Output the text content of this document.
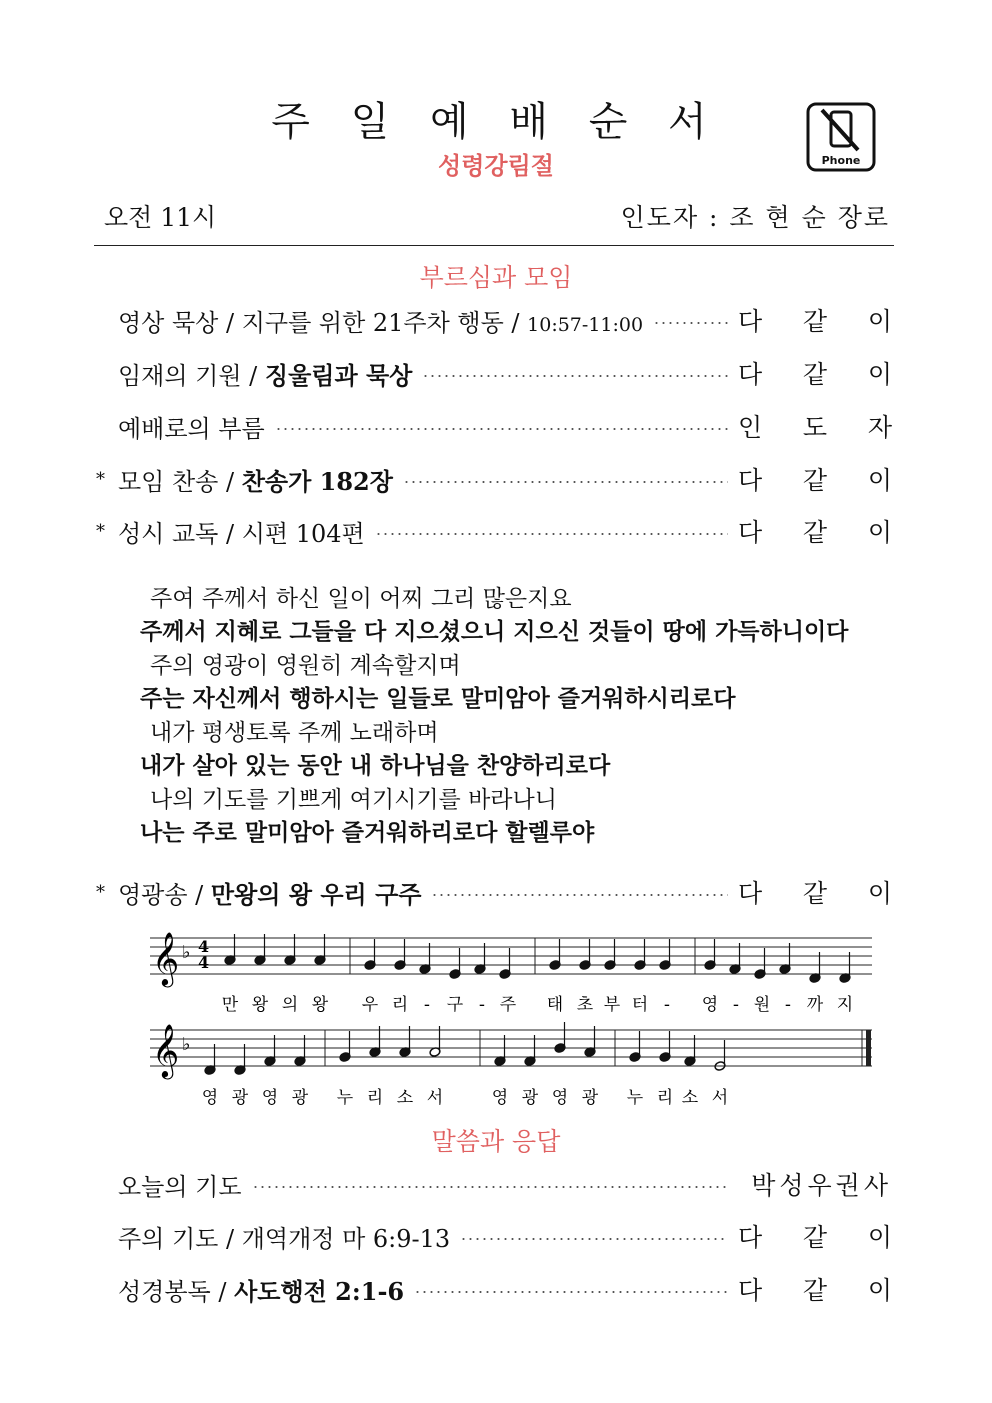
주 일 예 배 순 서
성령강림절	Phone
오전 11시	인도자 : 조 현 순 장로
부르심과 모임
영상 묵상 / 지구를 위한 21주차 행동 / 10:57-11:00	다 같 이
임재의 기원 / 징울림과 묵상	다 같 이
예배로의 부름	인 도 자
* 모임 찬송 / 찬송가 182장	다 같 이
* 성시 교독 / 시편 104편	다 같 이
주여 주께서 하신 일이 어찌 그리 많은지요
주께서 지혜로 그들을 다 지으셨으니 지으신 것들이 땅에 가득하니이다
주의 영광이 영원히 계속할지며
주는 자신께서 행하시는 일들로 말미암아 즐거워하시리로다
내가 평생토록 주께 노래하며
내가 살아 있는 동안 내 하나님을 찬양하리로다
나의 기도를 기쁘게 여기시기를 바라나니
나는 주로 말미암아 즐거워하리로다 할렐루야
* 영광송 / 만왕의 왕 우리 구주	다 같 이
𝄞 ♭
𝄞 ♭
4
4
만 왕 의 왕 우 리 - 구 - 주 태 초 부 터 - 영 - 원 - 까 지
영 광 영 광 누 리 소 서	영 광 영 광 누 리 소 서
말씀과 응답
오늘의 기도	박성우권사
주의 기도 / 개역개정 마 6:9-13	다 같 이
성경봉독 / 사도행전 2:1-6	다 같 이
